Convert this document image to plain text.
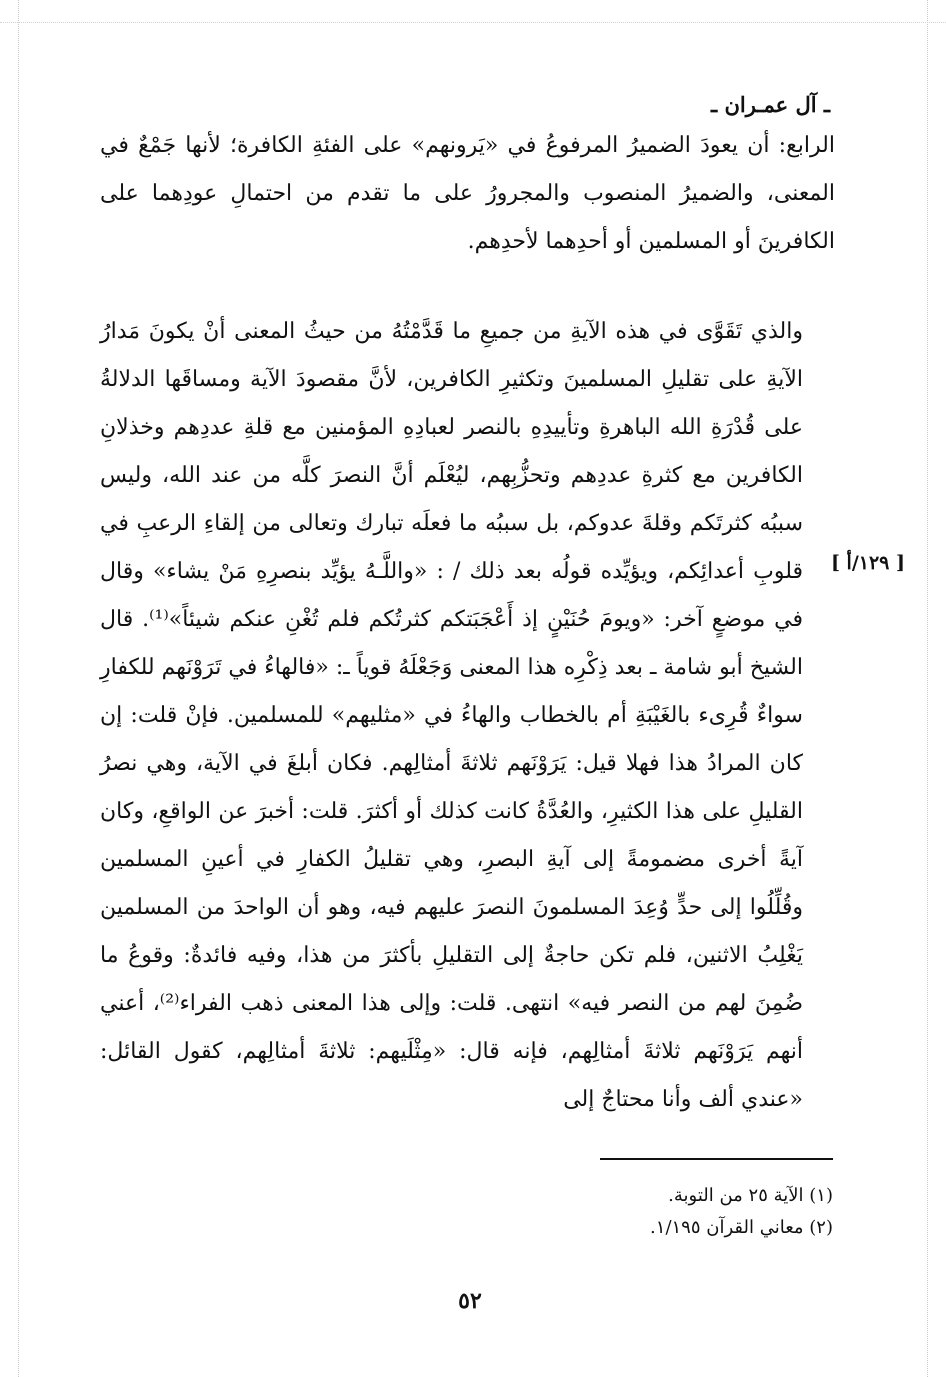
ـ آل عمـران ـ

الرابع: أن يعودَ الضميرُ المرفوعُ في «يَرونهم» على الفئةِ الكافرة؛ لأنها جَمْعٌ في المعنى، والضميرُ المنصوب والمجرورُ على ما تقدم من احتمالِ عودِهما على الكافرينَ أو المسلمين أو أحدِهما لأحدِهم.

والذي تَقَوَّى في هذه الآيةِ من جميعِ ما قَدَّمْتُهُ من حيثُ المعنى أنْ يكونَ مَدارُ الآيةِ على تقليلِ المسلمينَ وتكثيرِ الكافرين، لأنَّ مقصودَ الآية ومساقَها الدلالةُ على قُدْرَةِ الله الباهرةِ وتأييدِهِ بالنصر لعبادِهِ المؤمنين مع قلةِ عددِهم وخذلانِ الكافرين مع كثرةِ عددِهم وتحزُّبِهم، ليُعْلَم أنَّ النصرَ كلَّه من عند الله، وليس سببُه كثرتَكم وقلةَ عدوكم، بل سببُه ما فعلَه تبارك وتعالى من إلقاءِ الرعبِ في قلوبِ أعدائِكم، ويؤيِّده قولُه بعد ذلك / : «واللَّـهُ يؤيِّد بنصرِهِ مَنْ يشاء» وقال في موضعٍ آخر: «ويومَ حُنَيْنٍ إذ أَعْجَبَتكم كثرتُكم فلم تُغْنِ عنكم شيئاً»⁽¹⁾. قال الشيخ أبو شامة ـ بعد ذِكْرِه هذا المعنى وَجَعْلَهُ قوياً ـ: «فالهاءُ في تَرَوْنَهم للكفارِ سواءٌ قُرِىء بالغَيْبَةِ أم بالخطاب والهاءُ في «مثليهم» للمسلمين. فإنْ قلت: إن كان المرادُ هذا فهلا قيل: يَرَوْنَهم ثلاثةَ أمثالِهم. فكان أبلغَ في الآية، وهي نصرُ القليلِ على هذا الكثيرِ، والعُدَّةُ كانت كذلك أو أكثرَ. قلت: أخبرَ عن الواقعِ، وكان آيةً أخرى مضمومةً إلى آيةِ البصرِ، وهي تقليلُ الكفارِ في أعينِ المسلمين وقُلِّلُوا إلى حدٍّ وُعِدَ المسلمونَ النصرَ عليهم فيه، وهو أن الواحدَ من المسلمين يَغْلِبُ الاثنين، فلم تكن حاجةٌ إلى التقليلِ بأكثرَ من هذا، وفيه فائدةٌ: وقوعُ ما ضُمِنَ لهم من النصر فيه» انتهى. قلت: وإلى هذا المعنى ذهب الفراء⁽²⁾، أعني أنهم يَرَوْنَهم ثلاثةَ أمثالِهم، فإنه قال: «مِثْلَيهم: ثلاثةَ أمثالِهم، كقول القائل: «عندي ألف وأنا محتاجٌ إلى

[ ١٢٩/أ ]
(١) الآية ٢٥ من التوبة.
(٢) معاني القرآن ١/١٩٥.
٥٢
